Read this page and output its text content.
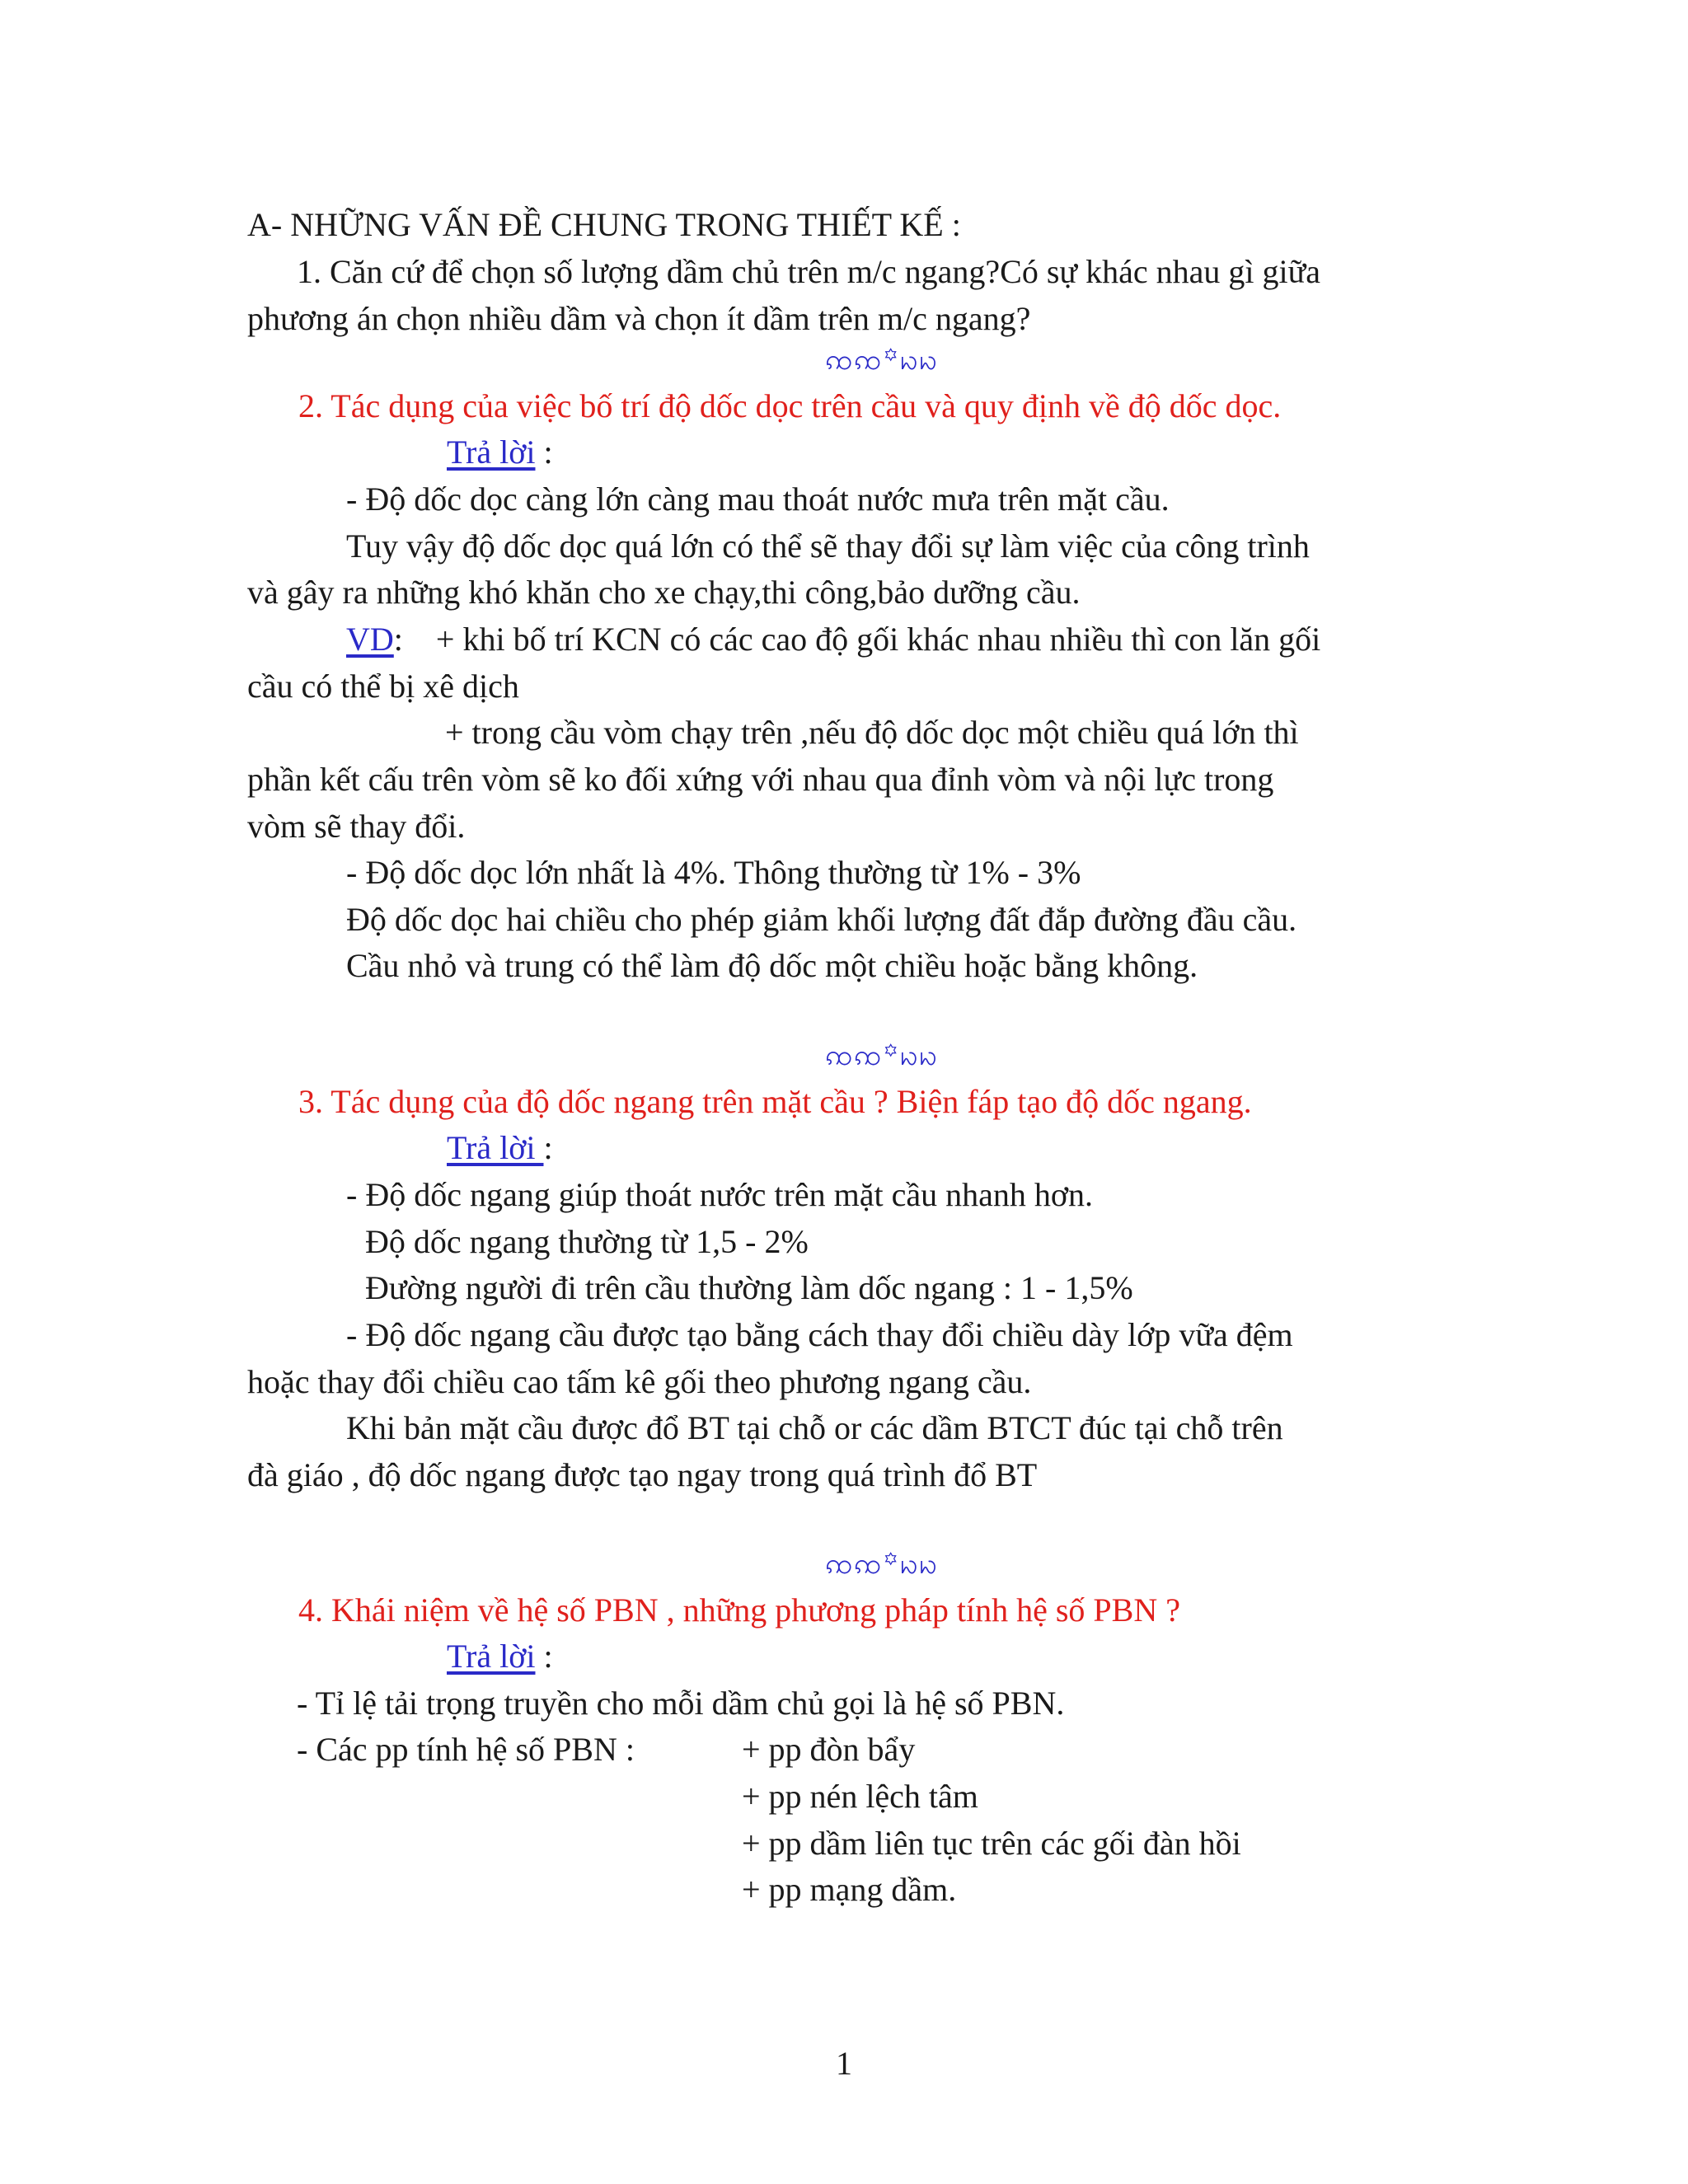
A- NHỮNG VẤN ĐỀ CHUNG TRONG THIẾT KẾ :
1. Căn cứ để chọn số lượng dầm chủ trên m/c ngang?Có sự khác nhau gì giữa
phương án chọn nhiều dầm và chọn ít dầm trên m/c ngang?
ꩡꩡ꙳ꩢꩢ
2. Tác dụng của việc bố trí độ dốc dọc trên cầu và quy định về độ dốc dọc.
Trả lời :
- Độ dốc dọc càng lớn càng mau thoát nước mưa trên mặt cầu.
Tuy vậy độ dốc dọc quá lớn có thể sẽ thay đổi sự làm việc của công trình
và gây ra những khó khăn cho xe chạy,thi công,bảo dưỡng cầu.
VD:    + khi bố trí KCN có các cao độ gối khác nhau nhiều thì con lăn gối
cầu có thể bị xê dịch
+ trong cầu vòm chạy trên ,nếu độ dốc dọc một chiều quá lớn thì
phần kết cấu trên vòm sẽ ko đối xứng với nhau qua đỉnh vòm và nội lực trong
vòm sẽ thay đổi.
- Độ dốc dọc lớn nhất là 4%. Thông thường từ 1% - 3%
Độ dốc dọc hai chiều cho phép giảm khối lượng đất đắp đường đầu cầu.
Cầu nhỏ và trung có thể làm độ dốc một chiều hoặc bằng không.
ꩡꩡ꙳ꩢꩢ
3. Tác dụng của độ dốc ngang trên mặt cầu ? Biện fáp tạo độ dốc ngang.
Trả lời :
- Độ dốc ngang giúp thoát nước trên mặt cầu nhanh hơn.
Độ dốc ngang thường từ 1,5 - 2%
Đường người đi trên cầu thường làm dốc ngang : 1 - 1,5%
- Độ dốc ngang cầu được tạo bằng cách thay đổi chiều dày lớp vữa đệm
hoặc thay đổi chiều cao tấm kê gối theo phương ngang cầu.
Khi bản mặt cầu được đổ BT tại chỗ or các dầm BTCT đúc tại chỗ trên
đà giáo , độ dốc ngang được tạo ngay trong quá trình đổ BT
ꩡꩡ꙳ꩢꩢ
4. Khái niệm về hệ số PBN , những phương pháp tính hệ số PBN ?
Trả lời :
- Tỉ lệ tải trọng truyền cho mỗi dầm chủ gọi là hệ số PBN.
- Các pp tính hệ số PBN :	+ pp đòn bẩy
+ pp nén lệch tâm
+ pp dầm liên tục trên các gối đàn hồi
+ pp mạng dầm.
1
